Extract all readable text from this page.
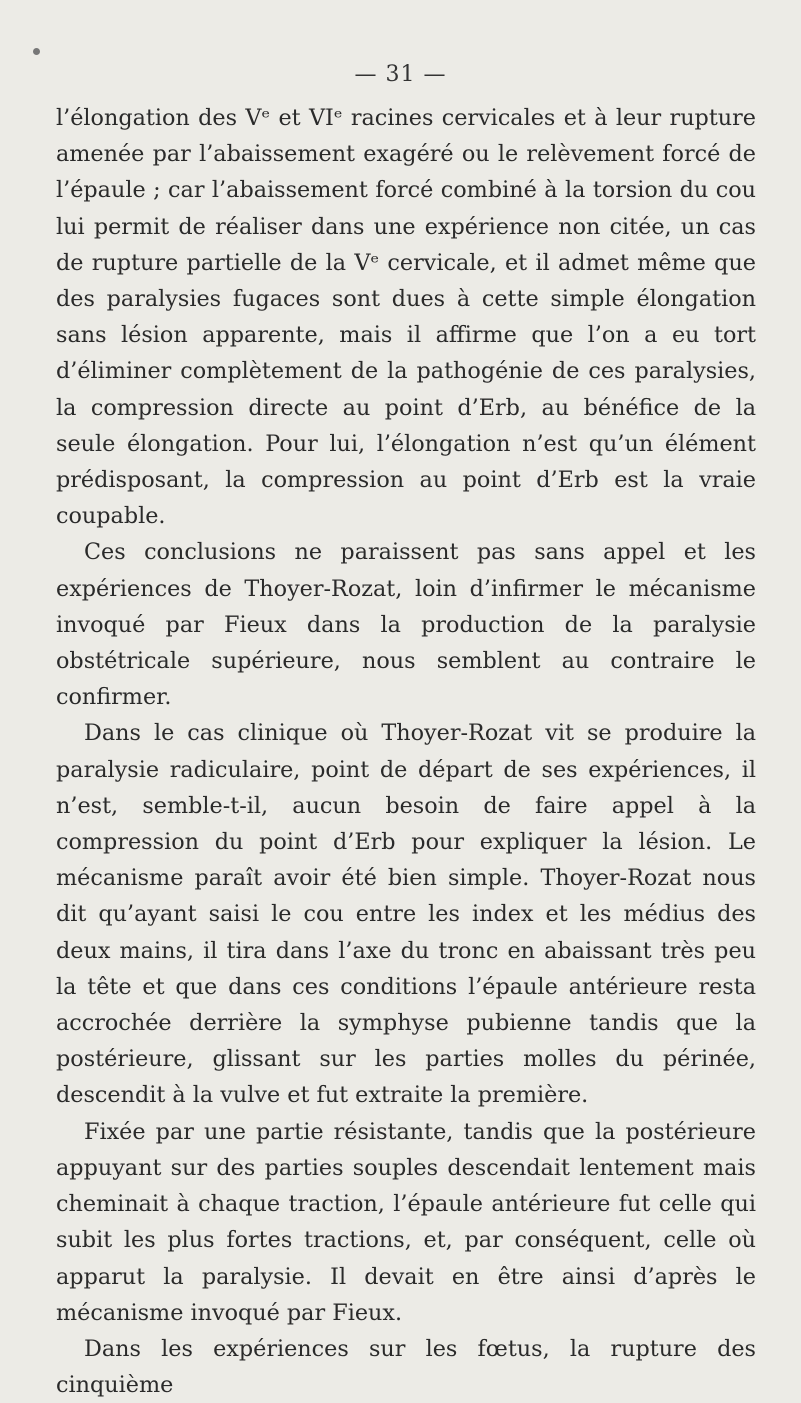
— 31 —

l’élongation des Vᵉ et VIᵉ racines cervicales et à leur rupture amenée par l’abaissement exagéré ou le relèvement forcé de l’épaule ; car l’abaissement forcé combiné à la torsion du cou lui permit de réaliser dans une expérience non citée, un cas de rupture partielle de la Vᵉ cervicale, et il admet même que des paralysies fugaces sont dues à cette simple élongation sans lésion apparente, mais il affirme que l’on a eu tort d’éliminer complètement de la pathogénie de ces paralysies, la compression directe au point d’Erb, au bénéfice de la seule élongation. Pour lui, l’élongation n’est qu’un élément prédisposant, la compression au point d’Erb est la vraie coupable.

Ces conclusions ne paraissent pas sans appel et les expériences de Thoyer-Rozat, loin d’infirmer le mécanisme invoqué par Fieux dans la production de la paralysie obstétricale supérieure, nous semblent au contraire le confirmer.

Dans le cas clinique où Thoyer-Rozat vit se produire la paralysie radiculaire, point de départ de ses expériences, il n’est, semble-t-il, aucun besoin de faire appel à la compression du point d’Erb pour expliquer la lésion. Le mécanisme paraît avoir été bien simple. Thoyer-Rozat nous dit qu’ayant saisi le cou entre les index et les médius des deux mains, il tira dans l’axe du tronc en abaissant très peu la tête et que dans ces conditions l’épaule antérieure resta accrochée derrière la symphyse pubienne tandis que la postérieure, glissant sur les parties molles du périnée, descendit à la vulve et fut extraite la première.

Fixée par une partie résistante, tandis que la postérieure appuyant sur des parties souples descendait lentement mais cheminait à chaque traction, l’épaule antérieure fut celle qui subit les plus fortes tractions, et, par conséquent, celle où apparut la paralysie. Il devait en être ainsi d’après le mécanisme invoqué par Fieux.

Dans les expériences sur les fœtus, la rupture des cinquième
